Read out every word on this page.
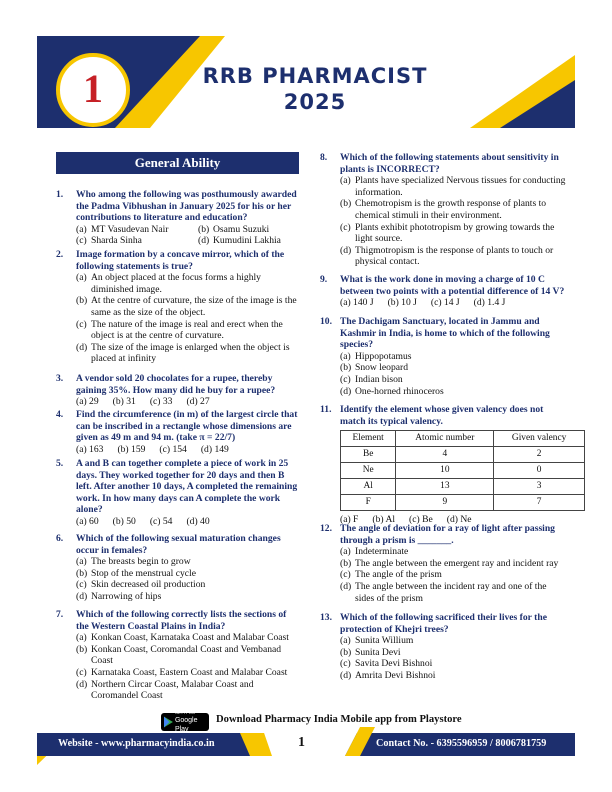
1	RRB PHARMACIST
2025
General Ability
1.	Who among the following was posthumously awarded the Padma Vibhushan in January 2025 for his or her contributions to literature and education?
(a) MT Vasudevan Nair	(b) Osamu Suzuki
(c) Sharda Sinha	(d) Kumudini Lakhia
2.	Image formation by a concave mirror, which of the following statements is true?
(a) An object placed at the focus forms a highly diminished image.
(b) At the centre of curvature, the size of the image is the same as the size of the object.
(c) The nature of the image is real and erect when the object is at the centre of curvature.
(d) The size of the image is enlarged when the object is placed at infinity
3.	A vendor sold 20 chocolates for a rupee, thereby gaining 35%. How many did he buy for a rupee?
(a) 29 (b) 31 (c) 33 (d) 27
4.	Find the circumference (in m) of the largest circle that can be inscribed in a rectangle whose dimensions are given as 49 m and 94 m. (take π = 22/7)
(a) 163 (b) 159 (c) 154 (d) 149
5.	A and B can together complete a piece of work in 25 days. They worked together for 20 days and then B left. After another 10 days, A completed the remaining work. In how many days can A complete the work alone?
(a) 60 (b) 50 (c) 54 (d) 40
6.	Which of the following sexual maturation changes occur in females?
(a) The breasts begin to grow
(b) Stop of the menstrual cycle
(c) Skin decreased oil production
(d) Narrowing of hips
7.	Which of the following correctly lists the sections of the Western Coastal Plains in India?
(a) Konkan Coast, Karnataka Coast and Malabar Coast
(b) Konkan Coast, Coromandal Coast and Vembanad Coast
(c) Karnataka Coast, Eastern Coast and Malabar Coast
(d) Northern Circar Coast, Malabar Coast and Coromandel Coast
8.	Which of the following statements about sensitivity in plants is INCORRECT?
(a) Plants have specialized Nervous tissues for conducting information.
(b) Chemotropism is the growth response of plants to chemical stimuli in their environment.
(c) Plants exhibit phototropism by growing towards the light source.
(d) Thigmotropism is the response of plants to touch or physical contact.
9.	What is the work done in moving a charge of 10 C between two points with a potential difference of 14 V?
(a) 140 J (b) 10 J (c) 14 J (d) 1.4 J
10. The Dachigam Sanctuary, located in Jammu and Kashmir in India, is home to which of the following species?
(a) Hippopotamus
(b) Snow leopard
(c) Indian bison
(d) One-horned rhinoceros
11. Identify the element whose given valency does not match its typical valency.
Element	Atomic number	Given valency
Be	4	2
Ne	10	0
Al	13	3
F	9	7
(a) F (b) Al (c) Be (d) Ne
12. The angle of deviation for a ray of light after passing through a prism is _______.
(a) Indeterminate
(b) The angle between the emergent ray and incident ray
(c) The angle of the prism
(d) The angle between the incident ray and one of the sides of the prism
13. Which of the following sacrificed their lives for the protection of Khejri trees?
(a) Sunita Willium
(b) Sunita Devi
(c) Savita Devi Bishnoi
(d) Amrita Devi Bishnoi
GET IT ON
Google Play
Download Pharmacy India Mobile app from Playstore
Website - www.pharmacyindia.co.in	1	Contact No. - 6395596959 / 8006781759
